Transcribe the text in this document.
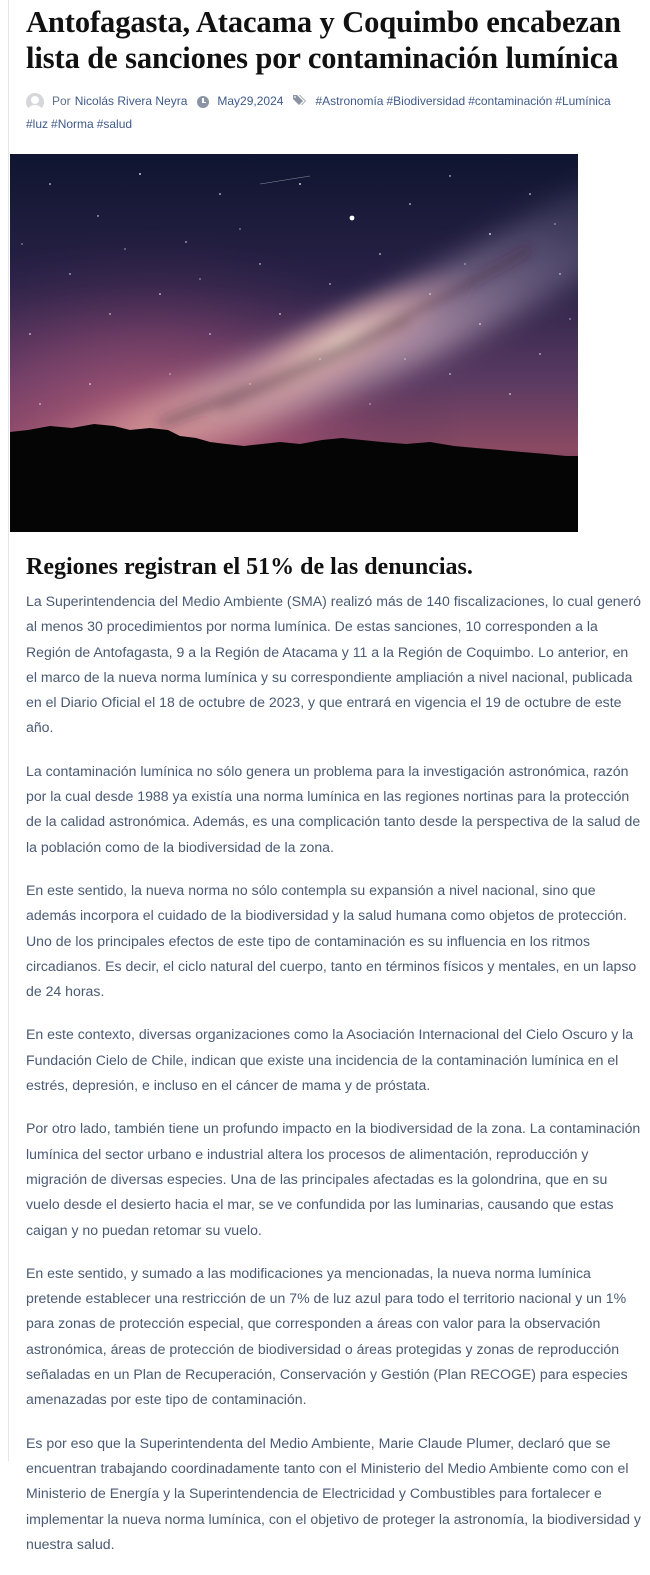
Antofagasta, Atacama y Coquimbo encabezan lista de sanciones por contaminación lumínica
Por Nicolás Rivera Neyra	May29,2024	#Astronomía #Biodiversidad #contaminación #Lumínica
#luz #Norma #salud
Regiones registran el 51% de las denuncias.

La Superintendencia del Medio Ambiente (SMA) realizó más de 140 fiscalizaciones, lo cual generó al menos 30 procedimientos por norma lumínica. De estas sanciones, 10 corresponden a la Región de Antofagasta, 9 a la Región de Atacama y 11 a la Región de Coquimbo. Lo anterior, en el marco de la nueva norma lumínica y su correspondiente ampliación a nivel nacional, publicada en el Diario Oficial el 18 de octubre de 2023, y que entrará en vigencia el 19 de octubre de este año.

La contaminación lumínica no sólo genera un problema para la investigación astronómica, razón por la cual desde 1988 ya existía una norma lumínica en las regiones nortinas para la protección de la calidad astronómica. Además, es una complicación tanto desde la perspectiva de la salud de la población como de la biodiversidad de la zona.

En este sentido, la nueva norma no sólo contempla su expansión a nivel nacional, sino que además incorpora el cuidado de la biodiversidad y la salud humana como objetos de protección. Uno de los principales efectos de este tipo de contaminación es su influencia en los ritmos circadianos. Es decir, el ciclo natural del cuerpo, tanto en términos físicos y mentales, en un lapso de 24 horas.

En este contexto, diversas organizaciones como la Asociación Internacional del Cielo Oscuro y la Fundación Cielo de Chile, indican que existe una incidencia de la contaminación lumínica en el estrés, depresión, e incluso en el cáncer de mama y de próstata.

Por otro lado, también tiene un profundo impacto en la biodiversidad de la zona. La contaminación lumínica del sector urbano e industrial altera los procesos de alimentación, reproducción y migración de diversas especies. Una de las principales afectadas es la golondrina, que en su vuelo desde el desierto hacia el mar, se ve confundida por las luminarias, causando que estas caigan y no puedan retomar su vuelo.

En este sentido, y sumado a las modificaciones ya mencionadas, la nueva norma lumínica pretende establecer una restricción de un 7% de luz azul para todo el territorio nacional y un 1% para zonas de protección especial, que corresponden a áreas con valor para la observación astronómica, áreas de protección de biodiversidad o áreas protegidas y zonas de reproducción señaladas en un Plan de Recuperación, Conservación y Gestión (Plan RECOGE) para especies amenazadas por este tipo de contaminación.

Es por eso que la Superintendenta del Medio Ambiente, Marie Claude Plumer, declaró que se encuentran trabajando coordinadamente tanto con el Ministerio del Medio Ambiente como con el Ministerio de Energía y la Superintendencia de Electricidad y Combustibles para fortalecer e implementar la nueva norma lumínica, con el objetivo de proteger la astronomía, la biodiversidad y nuestra salud.
